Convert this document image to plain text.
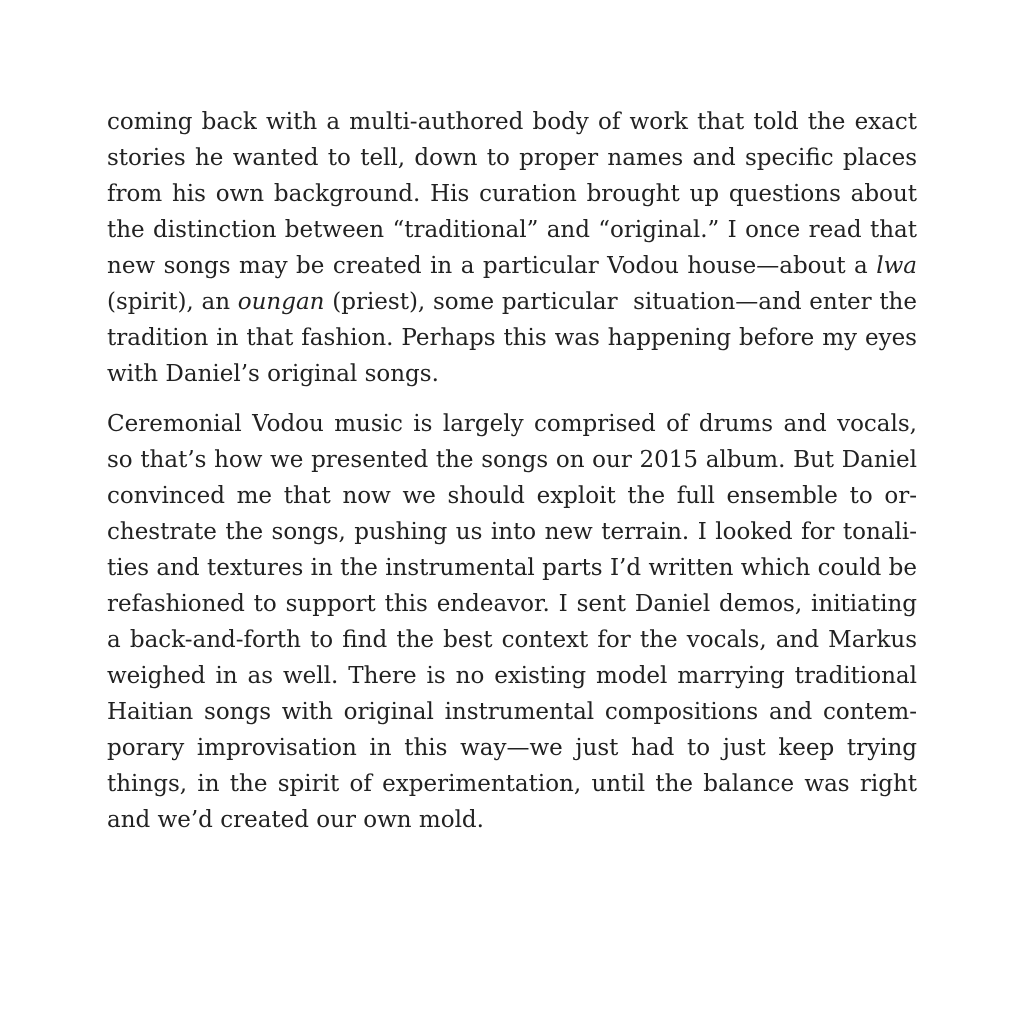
coming back with a multi-authored body of work that told the exact
stories he wanted to tell, down to proper names and specific places
from his own background. His curation brought up questions about
the distinction between “traditional” and “original.” I once read that
new songs may be created in a particular Vodou house—about a lwa
(spirit), an oungan (priest), some particular  situation—and enter the
tradition in that fashion. Perhaps this was happening before my eyes
with Daniel’s original songs.

Ceremonial Vodou music is largely comprised of drums and vocals,
so that’s how we presented the songs on our 2015 album. But Daniel
convinced me that now we should exploit the full ensemble to or-
chestrate the songs, pushing us into new terrain. I looked for tonali-
ties and textures in the instrumental parts I’d written which could be
refashioned to support this endeavor. I sent Daniel demos, initiating
a back-and-forth to find the best context for the vocals, and Markus
weighed in as well. There is no existing model marrying traditional
Haitian songs with original instrumental compositions and contem-
porary improvisation in this way—we just had to just keep trying
things, in the spirit of experimentation, until the balance was right
and we’d created our own mold.
